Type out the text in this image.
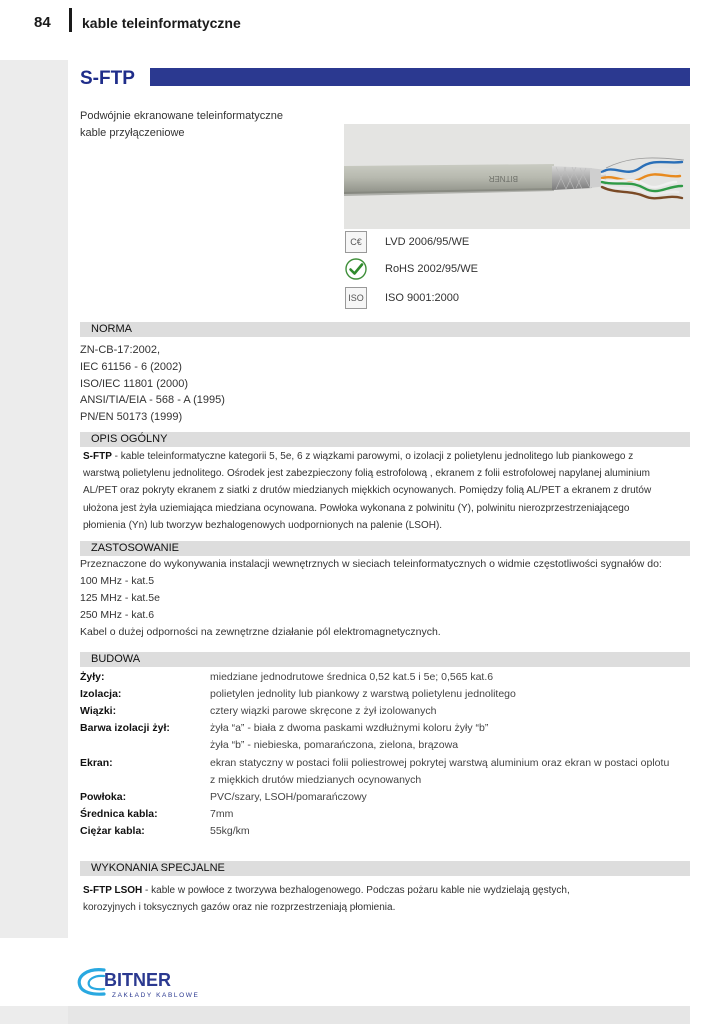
84 kable teleinformatyczne
S-FTP
Podwójnie ekranowane teleinformatyczne
kable przyłączeniowe
BITNER
C€	LVD 2006/95/WE
RoHS 2002/95/WE
ISO ISO 9001:2000
NORMA
ZN-CB-17:2002,
IEC 61156 - 6 (2002)
ISO/IEC 11801 (2000)
ANSI/TIA/EIA - 568 - A (1995)
PN/EN 50173 (1999)
OPIS OGÓLNY
S-FTP - kable teleinformatyczne kategorii 5, 5e, 6 z wiązkami parowymi, o izolacji z polietylenu jednolitego lub piankowego z
warstwą polietylenu jednolitego. Ośrodek jest zabezpieczony folią estrofolową , ekranem z folii estrofolowej napylanej aluminium
AL/PET oraz pokryty ekranem z siatki z drutów miedzianych miękkich ocynowanych. Pomiędzy folią AL/PET a ekranem z drutów
ułożona jest żyła uziemiająca miedziana ocynowana. Powłoka wykonana z polwinitu (Y), polwinitu nierozprzestrzeniającego
płomienia (Yn) lub tworzyw bezhalogenowych uodpornionych na palenie (LSOH).
ZASTOSOWANIE
Przeznaczone do wykonywania instalacji wewnętrznych w sieciach teleinformatycznych o widmie częstotliwości sygnałów do:
100 MHz - kat.5
125 MHz - kat.5e
250 MHz - kat.6
Kabel o dużej odporności na zewnętrzne działanie pól elektromagnetycznych.
BUDOWA
Żyły:	miedziane jednodrutowe średnica 0,52 kat.5 i 5e; 0,565 kat.6
Izolacja:	polietylen jednolity lub piankowy z warstwą polietylenu jednolitego
Wiązki:	cztery wiązki parowe skręcone z żył izolowanych
Barwa izolacji żył:	żyła “a” - biała z dwoma paskami wzdłużnymi koloru żyły “b”
żyła “b” - niebieska, pomarańczona, zielona, brązowa
Ekran:	ekran statyczny w postaci folii poliestrowej pokrytej warstwą aluminium oraz ekran w postaci oplotu
z miękkich drutów miedzianych ocynowanych
Powłoka:	PVC/szary, LSOH/pomarańczowy
Średnica kabla:	7mm
Ciężar kabla:	55kg/km
WYKONANIA SPECJALNE
S-FTP LSOH - kable w powłoce z tworzywa bezhalogenowego. Podczas pożaru kable nie wydzielają gęstych,
korozyjnych i toksycznych gazów oraz nie rozprzestrzeniają płomienia.
BITNER
ZAKŁADY KABLOWE
